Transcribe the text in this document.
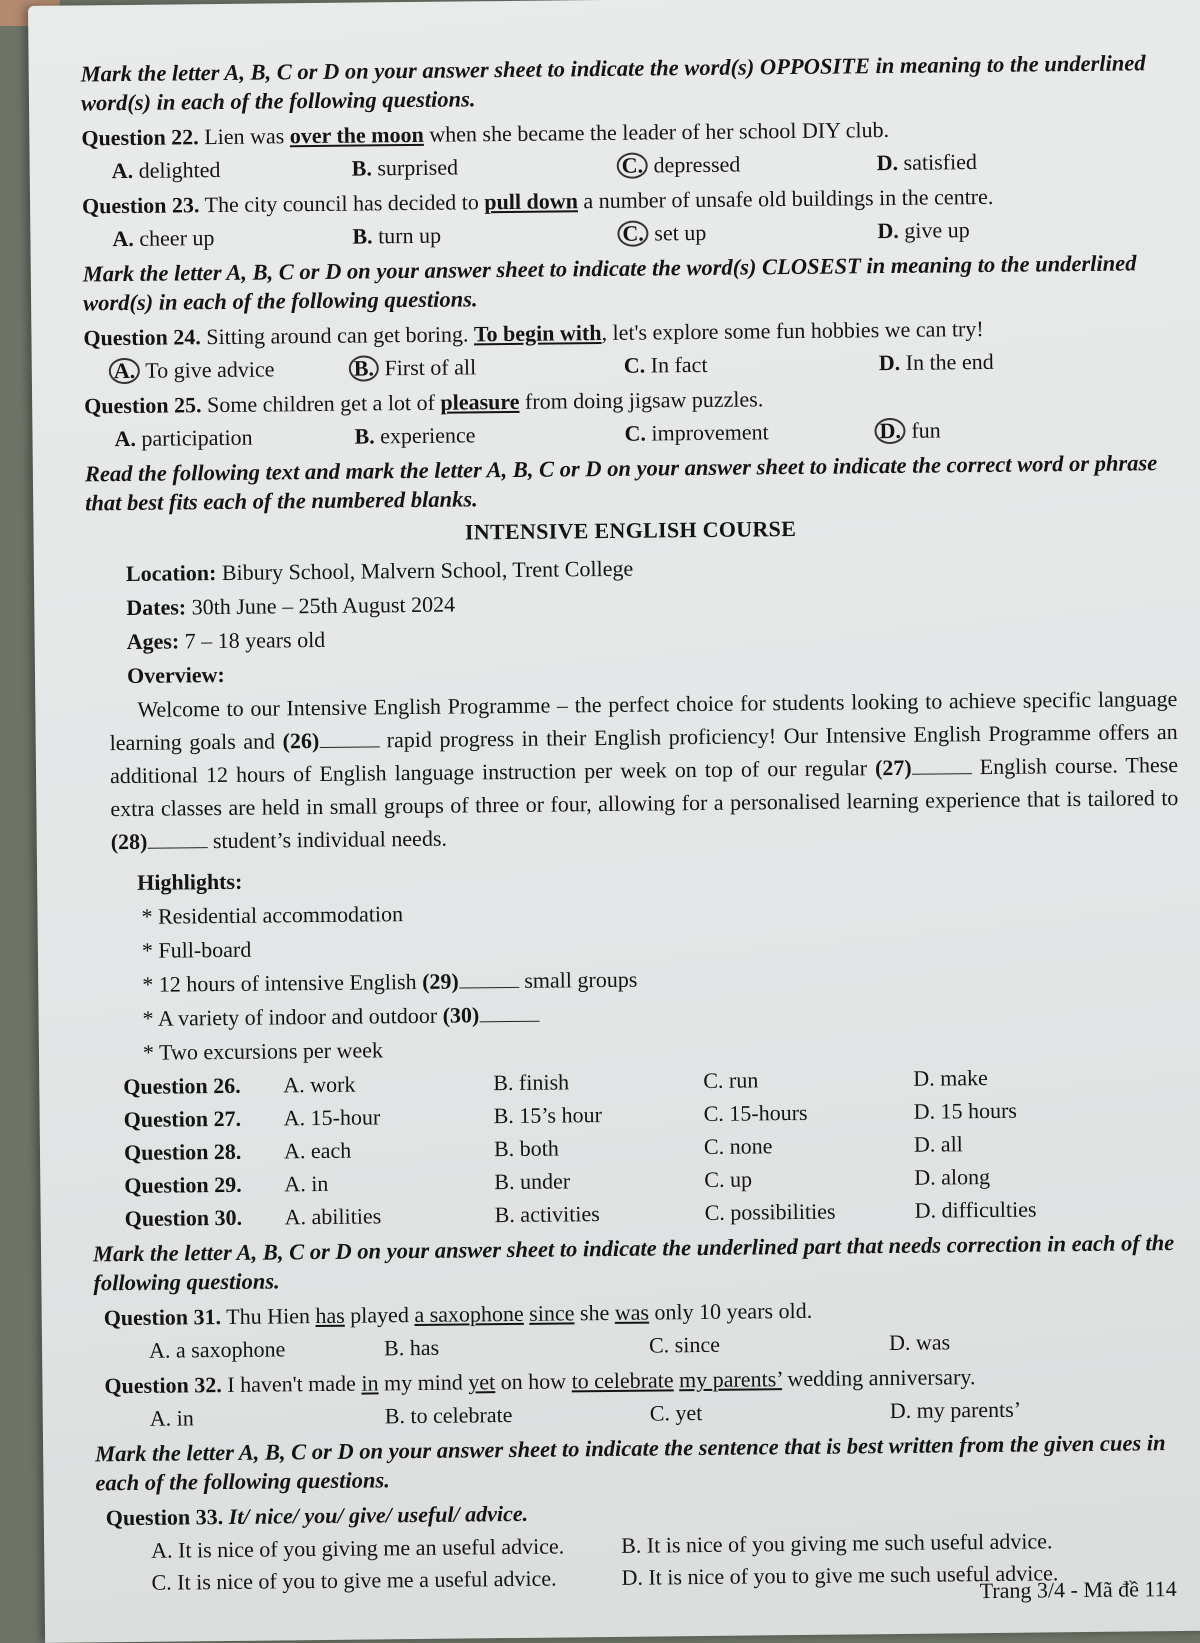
Mark the letter A, B, C or D on your answer sheet to indicate the word(s) OPPOSITE in meaning to the underlined word(s) in each of the following questions.
Question 22. Lien was over the moon when she became the leader of her school DIY club.
A. delighted	B. surprised	C. depressed	D. satisfied
Question 23. The city council has decided to pull down a number of unsafe old buildings in the centre.
A. cheer up	B. turn up	C. set up	D. give up
Mark the letter A, B, C or D on your answer sheet to indicate the word(s) CLOSEST in meaning to the underlined word(s) in each of the following questions.
Question 24. Sitting around can get boring. To begin with, let's explore some fun hobbies we can try!
A. To give advice	B. First of all	C. In fact	D. In the end
Question 25. Some children get a lot of pleasure from doing jigsaw puzzles.
A. participation	B. experience	C. improvement	D. fun
Read the following text and mark the letter A, B, C or D on your answer sheet to indicate the correct word or phrase that best fits each of the numbered blanks.
INTENSIVE ENGLISH COURSE
Location: Bibury School, Malvern School, Trent College
Dates: 30th June – 25th August 2024
Ages: 7 – 18 years old
Overview:

Welcome to our Intensive English Programme – the perfect choice for students looking to achieve specific language learning goals and (26)	rapid progress in their English proficiency! Our Intensive English Programme offers an additional 12 hours of English language instruction per week on top of our regular (27)	English course. These extra classes are held in small groups of three or four, allowing for a personalised learning experience that is tailored to (28)	student’s individual needs.

Highlights:
* Residential accommodation
* Full-board
* 12 hours of intensive English (29)	small groups
* A variety of indoor and outdoor (30)
* Two excursions per week
Question 26.	A. work	B. finish	C. run	D. make
Question 27.	A. 15-hour	B. 15’s hour	C. 15-hours	D. 15 hours
Question 28.	A. each	B. both	C. none	D. all
Question 29.	A. in	B. under	C. up	D. along
Question 30.	A. abilities	B. activities	C. possibilities	D. difficulties
Mark the letter A, B, C or D on your answer sheet to indicate the underlined part that needs correction in each of the following questions.
Question 31. Thu Hien has played a saxophone since she was only 10 years old.
A. a saxophone	B. has	C. since	D. was
Question 32. I haven't made in my mind yet on how to celebrate my parents’ wedding anniversary.
A. in	B. to celebrate	C. yet	D. my parents’
Mark the letter A, B, C or D on your answer sheet to indicate the sentence that is best written from the given cues in each of the following questions.
Question 33. It/ nice/ you/ give/ useful/ advice.
A. It is nice of you giving me an useful advice.	B. It is nice of you giving me such useful advice.
C. It is nice of you to give me a useful advice.	D. It is nice of you to give me such useful advice.
Trang 3/4 - Mã đề 114
